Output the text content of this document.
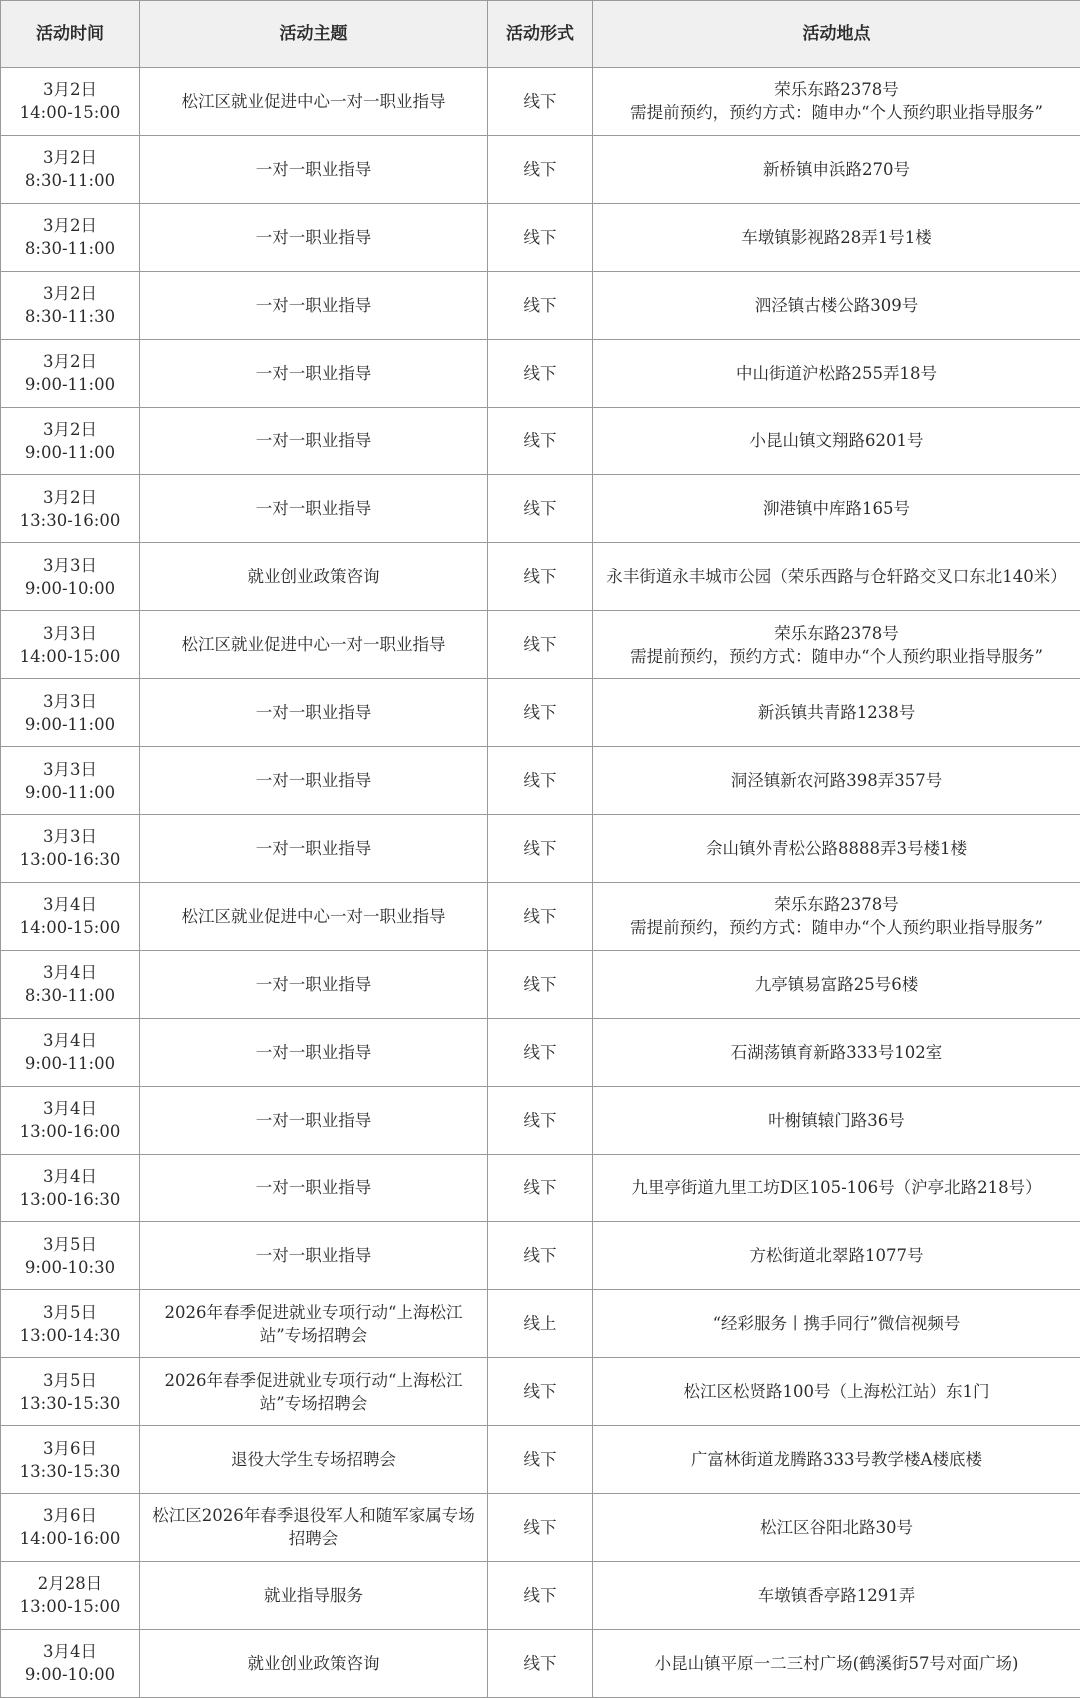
活动时间	活动主题	活动形式	活动地点

3月2日
14:00-15:00	松江区就业促进中心一对一职业指导	线下	荣乐东路2378号
需提前预约，预约方式：随申办“个人预约职业指导服务”

3月2日
8:30-11:00	一对一职业指导	线下	新桥镇申浜路270号

3月2日
8:30-11:00	一对一职业指导	线下	车墩镇影视路28弄1号1楼

3月2日
8:30-11:30	一对一职业指导	线下	泗泾镇古楼公路309号

3月2日
9:00-11:00	一对一职业指导	线下	中山街道沪松路255弄18号

3月2日
9:00-11:00	一对一职业指导	线下	小昆山镇文翔路6201号

3月2日
13:30-16:00	一对一职业指导	线下	泖港镇中库路165号

3月3日
9:00-10:00	就业创业政策咨询	线下	永丰街道永丰城市公园（荣乐西路与仓轩路交叉口东北140米）

3月3日
14:00-15:00	松江区就业促进中心一对一职业指导	线下	荣乐东路2378号
需提前预约，预约方式：随申办“个人预约职业指导服务”

3月3日
9:00-11:00	一对一职业指导	线下	新浜镇共青路1238号

3月3日
9:00-11:00	一对一职业指导	线下	洞泾镇新农河路398弄357号

3月3日
13:00-16:30	一对一职业指导	线下	佘山镇外青松公路8888弄3号楼1楼

3月4日
14:00-15:00	松江区就业促进中心一对一职业指导	线下	荣乐东路2378号
需提前预约，预约方式：随申办“个人预约职业指导服务”

3月4日
8:30-11:00	一对一职业指导	线下	九亭镇易富路25号6楼

3月4日
9:00-11:00	一对一职业指导	线下	石湖荡镇育新路333号102室

3月4日
13:00-16:00	一对一职业指导	线下	叶榭镇辕门路36号

3月4日
13:00-16:30	一对一职业指导	线下	九里亭街道九里工坊D区105-106号（沪亭北路218号）

3月5日
9:00-10:30	一对一职业指导	线下	方松街道北翠路1077号

3月5日
13:00-14:30	2026年春季促进就业专项行动“上海松江站”专场招聘会	线上	“经彩服务丨携手同行”微信视频号

3月5日
13:30-15:30	2026年春季促进就业专项行动“上海松江站”专场招聘会	线下	松江区松贤路100号（上海松江站）东1门

3月6日
13:30-15:30	退役大学生专场招聘会	线下	广富林街道龙腾路333号教学楼A楼底楼

3月6日
14:00-16:00	松江区2026年春季退役军人和随军家属专场招聘会	线下	松江区谷阳北路30号

2月28日
13:00-15:00	就业指导服务	线下	车墩镇香亭路1291弄

3月4日
9:00-10:00	就业创业政策咨询	线下	小昆山镇平原一二三村广场(鹤溪街57号对面广场)
